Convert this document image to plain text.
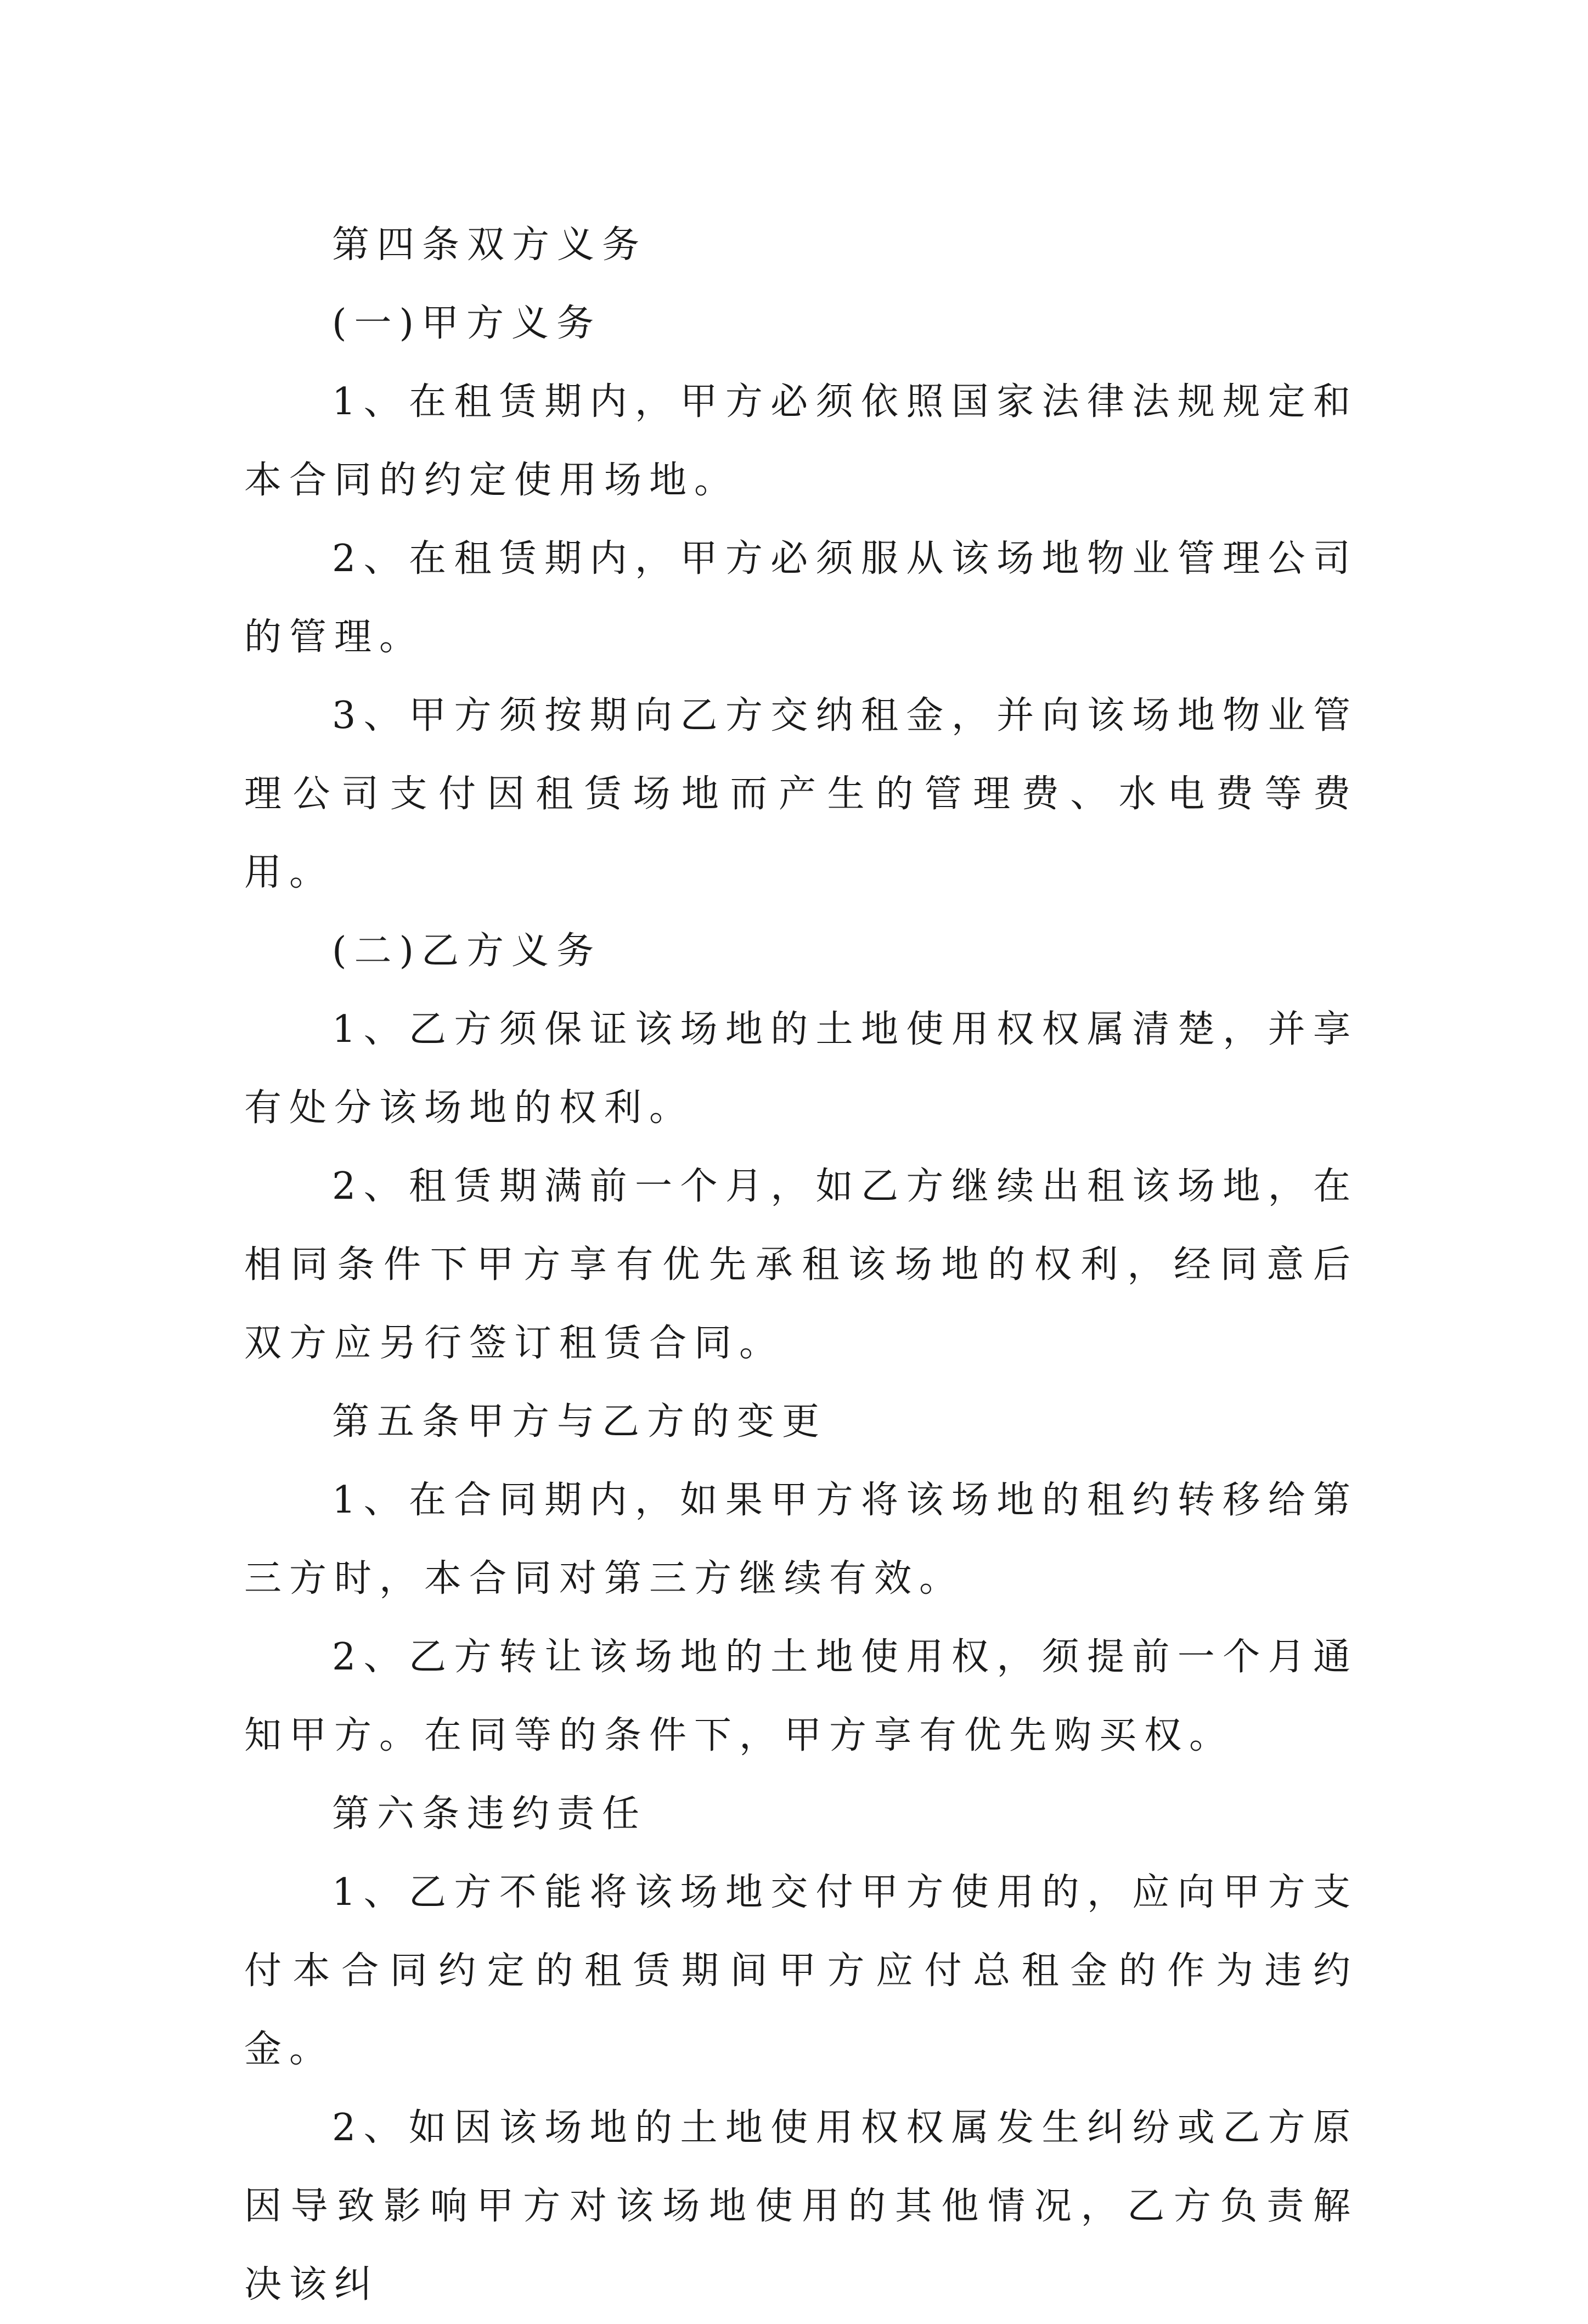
第四条双方义务

(一)甲方义务

1、在租赁期内，甲方必须依照国家法律法规规定和本合同的约定使用场地。

2、在租赁期内，甲方必须服从该场地物业管理公司的管理。

3、甲方须按期向乙方交纳租金，并向该场地物业管理公司支付因租赁场地而产生的管理费、水电费等费用。

(二)乙方义务

1、乙方须保证该场地的土地使用权权属清楚，并享有处分该场地的权利。

2、租赁期满前一个月，如乙方继续出租该场地，在相同条件下甲方享有优先承租该场地的权利，经同意后双方应另行签订租赁合同。

第五条甲方与乙方的变更

1、在合同期内，如果甲方将该场地的租约转移给第三方时，本合同对第三方继续有效。

2、乙方转让该场地的土地使用权，须提前一个月通知甲方。在同等的条件下，甲方享有优先购买权。

第六条违约责任

1、乙方不能将该场地交付甲方使用的，应向甲方支付本合同约定的租赁期间甲方应付总租金的作为违约金。

2、如因该场地的土地使用权权属发生纠纷或乙方原因导致影响甲方对该场地使用的其他情况，乙方负责解决该纠
